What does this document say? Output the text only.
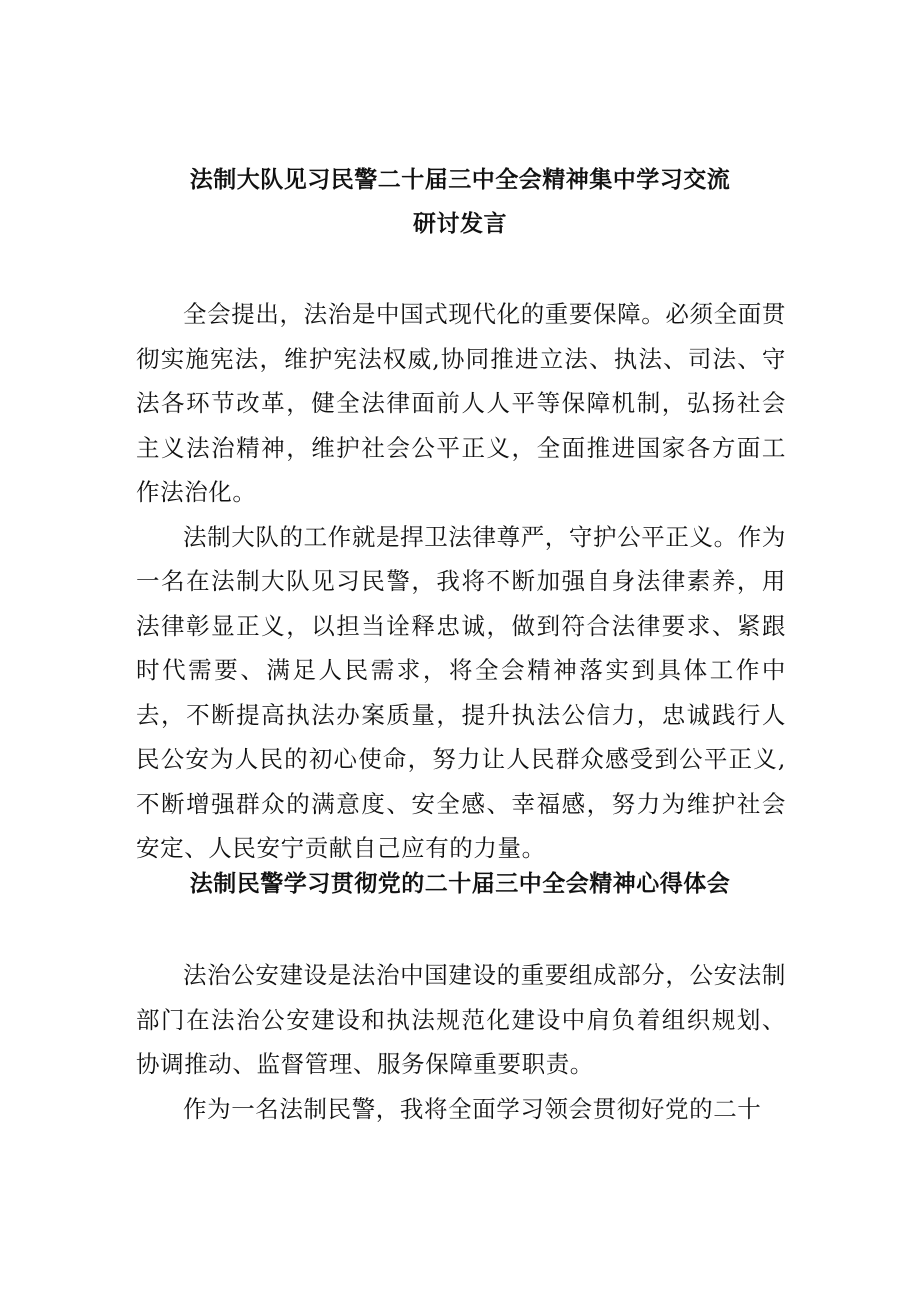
法制大队见习民警二十届三中全会精神集中学习交流
研讨发言

全会提出，法治是中国式现代化的重要保障。必须全面贯彻实施宪法，维护宪法权威,协同推进立法、执法、司法、守法各环节改革，健全法律面前人人平等保障机制，弘扬社会主义法治精神，维护社会公平正义，全面推进国家各方面工作法治化。

法制大队的工作就是捍卫法律尊严，守护公平正义。作为一名在法制大队见习民警，我将不断加强自身法律素养，用法律彰显正义，以担当诠释忠诚，做到符合法律要求、紧跟时代需要、满足人民需求，将全会精神落实到具体工作中去，不断提高执法办案质量，提升执法公信力，忠诚践行人民公安为人民的初心使命，努力让人民群众感受到公平正义,不断增强群众的满意度、安全感、幸福感，努力为维护社会安定、人民安宁贡献自己应有的力量。

法制民警学习贯彻党的二十届三中全会精神心得体会

法治公安建设是法治中国建设的重要组成部分，公安法制部门在法治公安建设和执法规范化建设中肩负着组织规划、协调推动、监督管理、服务保障重要职责。

作为一名法制民警，我将全面学习领会贯彻好党的二十
